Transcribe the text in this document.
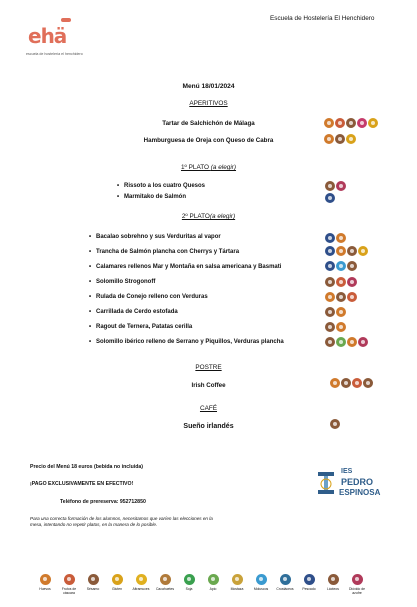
ehä
escuela de hostelería el henchidero
Escuela de Hostelería El Henchidero
Menú 18/01/2024
APERITIVOS
Tartar de Salchichón de Málaga
Hamburguesa de Oreja con Queso de Cabra
1º PLATO (a elegir)
• Rissoto a los cuatro Quesos
• Marmitako de Salmón
2º PLATO(a elegir)
• Bacalao sobrehno y sus Verduritas al vapor
• Trancha de Salmón plancha con Cherrys y Tártara
• Calamares rellenos Mar y Montaña en salsa americana y Basmati
• Solomillo Strogonoff
• Rulada de Conejo relleno con Verduras
• Carrillada de Cerdo estofada
• Ragout de Ternera, Patatas cerilla
• Solomillo ibérico relleno de Serrano y Piquillos, Verduras plancha
POSTRE
Irish Coffee
CAFÉ
Sueño irlandés
Precio del Menú 18 euros (bebida no incluida)
¡PAGO EXCLUSIVAMENTE EN EFECTIVO!
Teléfono de prereserva: 952712850
Para una correcta formación de los alumnos, necesitamos que varíen las elecciones en la mesa, intentando no repetir platos, en la manera de lo posible.
IES
PEDRO
ESPINOSA
Huevos	Frutos de cáscara
Sésamo	Gluten	Altramuces Cacahuetes	Soja	Apio	Mostaza	Moluscos Crustáceos	Pescado	Lácteos	Dióxido de azufre
